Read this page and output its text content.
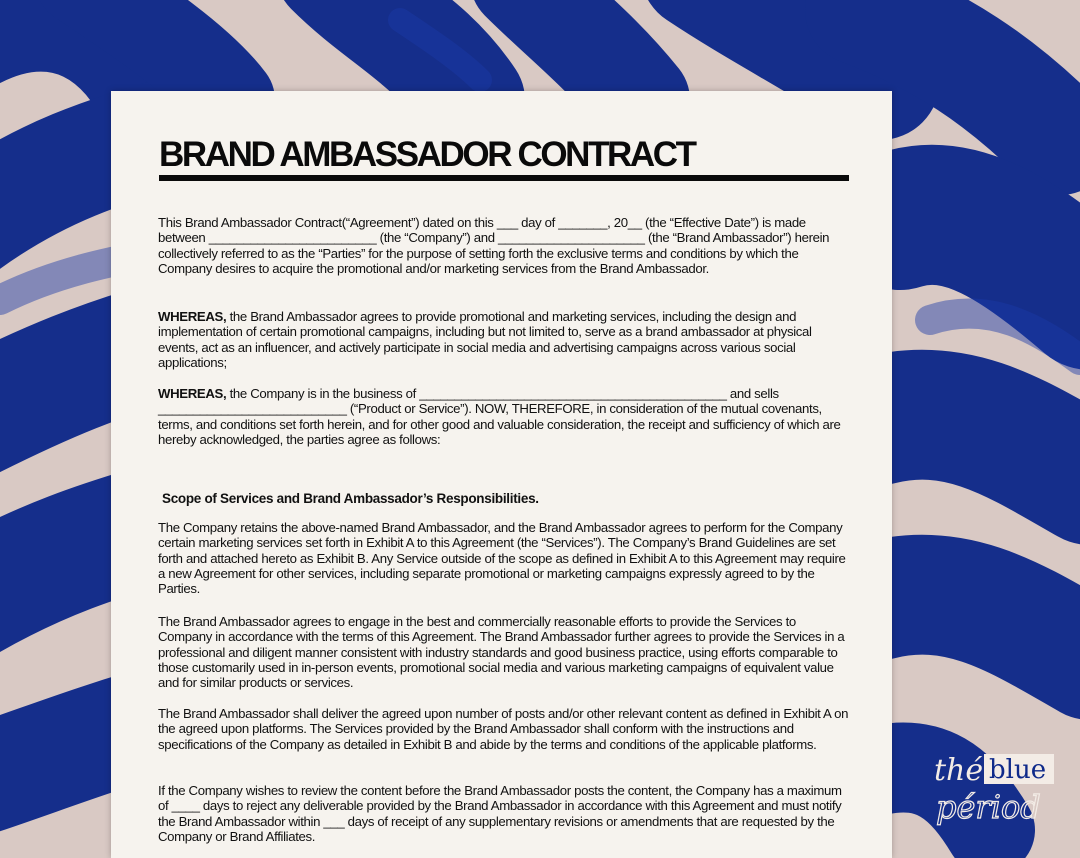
BRAND AMBASSADOR CONTRACT

This Brand Ambassador Contract(“Agreement”) dated on this ___ day of _______, 20__ (the “Effective Date”) is made between ________________________ (the “Company”) and _____________________ (the “Brand Ambassador”) herein collectively referred to as the “Parties” for the purpose of setting forth the exclusive terms and conditions by which the Company desires to acquire the promotional and/or marketing services from the Brand Ambassador.

WHEREAS, the Brand Ambassador agrees to provide promotional and marketing services, including the design and implementation of certain promotional campaigns, including but not limited to, serve as a brand ambassador at physical events, act as an influencer, and actively participate in social media and advertising campaigns across various social applications;

WHEREAS, the Company is in the business of ____________________________________________ and sells ___________________________ (“Product or Service”). NOW, THEREFORE, in consideration of the mutual covenants, terms, and conditions set forth herein, and for other good and valuable consideration, the receipt and sufficiency of which are hereby acknowledged, the parties agree as follows:

Scope of Services and Brand Ambassador’s Responsibilities.

The Company retains the above-named Brand Ambassador, and the Brand Ambassador agrees to perform for the Company certain marketing services set forth in Exhibit A to this Agreement (the “Services”). The Company’s Brand Guidelines are set forth and attached hereto as Exhibit B. Any Service outside of the scope as defined in Exhibit A to this Agreement may require a new Agreement for other services, including separate promotional or marketing campaigns expressly agreed to by the Parties.

The Brand Ambassador agrees to engage in the best and commercially reasonable efforts to provide the Services to Company in accordance with the terms of this Agreement. The Brand Ambassador further agrees to provide the Services in a professional and diligent manner consistent with industry standards and good business practice, using efforts comparable to those customarily used in in-person events, promotional social media and various marketing campaigns of equivalent value and for similar products or services.

The Brand Ambassador shall deliver the agreed upon number of posts and/or other relevant content as defined in Exhibit A on the agreed upon platforms. The Services provided by the Brand Ambassador shall conform with the instructions and specifications of the Company as detailed in Exhibit B and abide by the terms and conditions of the applicable platforms.

If the Company wishes to review the content before the Brand Ambassador posts the content, the Company has a maximum of ____ days to reject any deliverable provided by the Brand Ambassador in accordance with this Agreement and must notify the Brand Ambassador within ___ days of receipt of any supplementary revisions or amendments that are requested by the Company or Brand Affiliates.

thé blue
périod
